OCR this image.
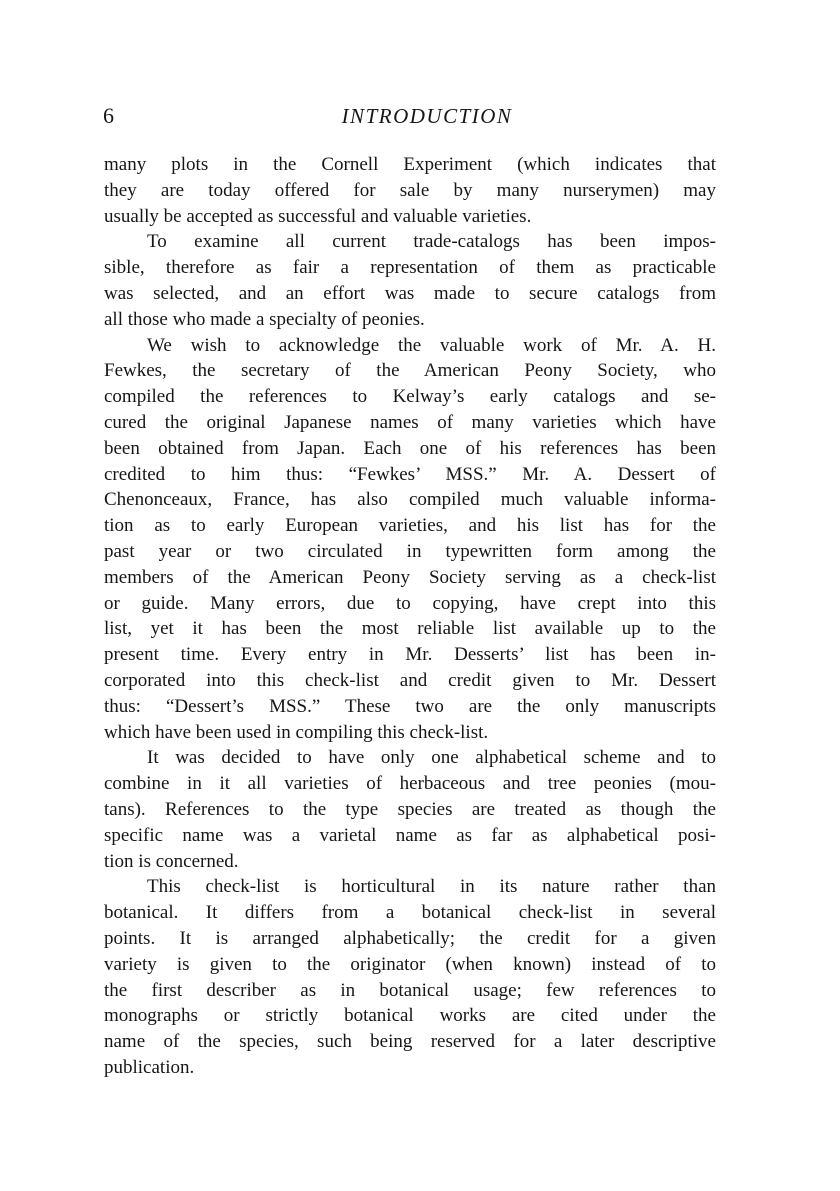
6	INTRODUCTION
many plots in the Cornell Experiment (which indicates that
they are today offered for sale by many nurserymen) may
usually be accepted as successful and valuable varieties.
To examine all current trade-catalogs has been impos-
sible, therefore as fair a representation of them as practicable
was selected, and an effort was made to secure catalogs from
all those who made a specialty of peonies.
We wish to acknowledge the valuable work of Mr. A. H.
Fewkes, the secretary of the American Peony Society, who
compiled the references to Kelway’s early catalogs and se-
cured the original Japanese names of many varieties which have
been obtained from Japan. Each one of his references has been
credited to him thus: “Fewkes’ MSS.” Mr. A. Dessert of
Chenonceaux, France, has also compiled much valuable informa-
tion as to early European varieties, and his list has for the
past year or two circulated in typewritten form among the
members of the American Peony Society serving as a check-list
or guide. Many errors, due to copying, have crept into this
list, yet it has been the most reliable list available up to the
present time. Every entry in Mr. Desserts’ list has been in-
corporated into this check-list and credit given to Mr. Dessert
thus: “Dessert’s MSS.” These two are the only manuscripts
which have been used in compiling this check-list.
It was decided to have only one alphabetical scheme and to
combine in it all varieties of herbaceous and tree peonies (mou-
tans). References to the type species are treated as though the
specific name was a varietal name as far as alphabetical posi-
tion is concerned.
This check-list is horticultural in its nature rather than
botanical. It differs from a botanical check-list in several
points. It is arranged alphabetically; the credit for a given
variety is given to the originator (when known) instead of to
the first describer as in botanical usage; few references to
monographs or strictly botanical works are cited under the
name of the species, such being reserved for a later descriptive
publication.
